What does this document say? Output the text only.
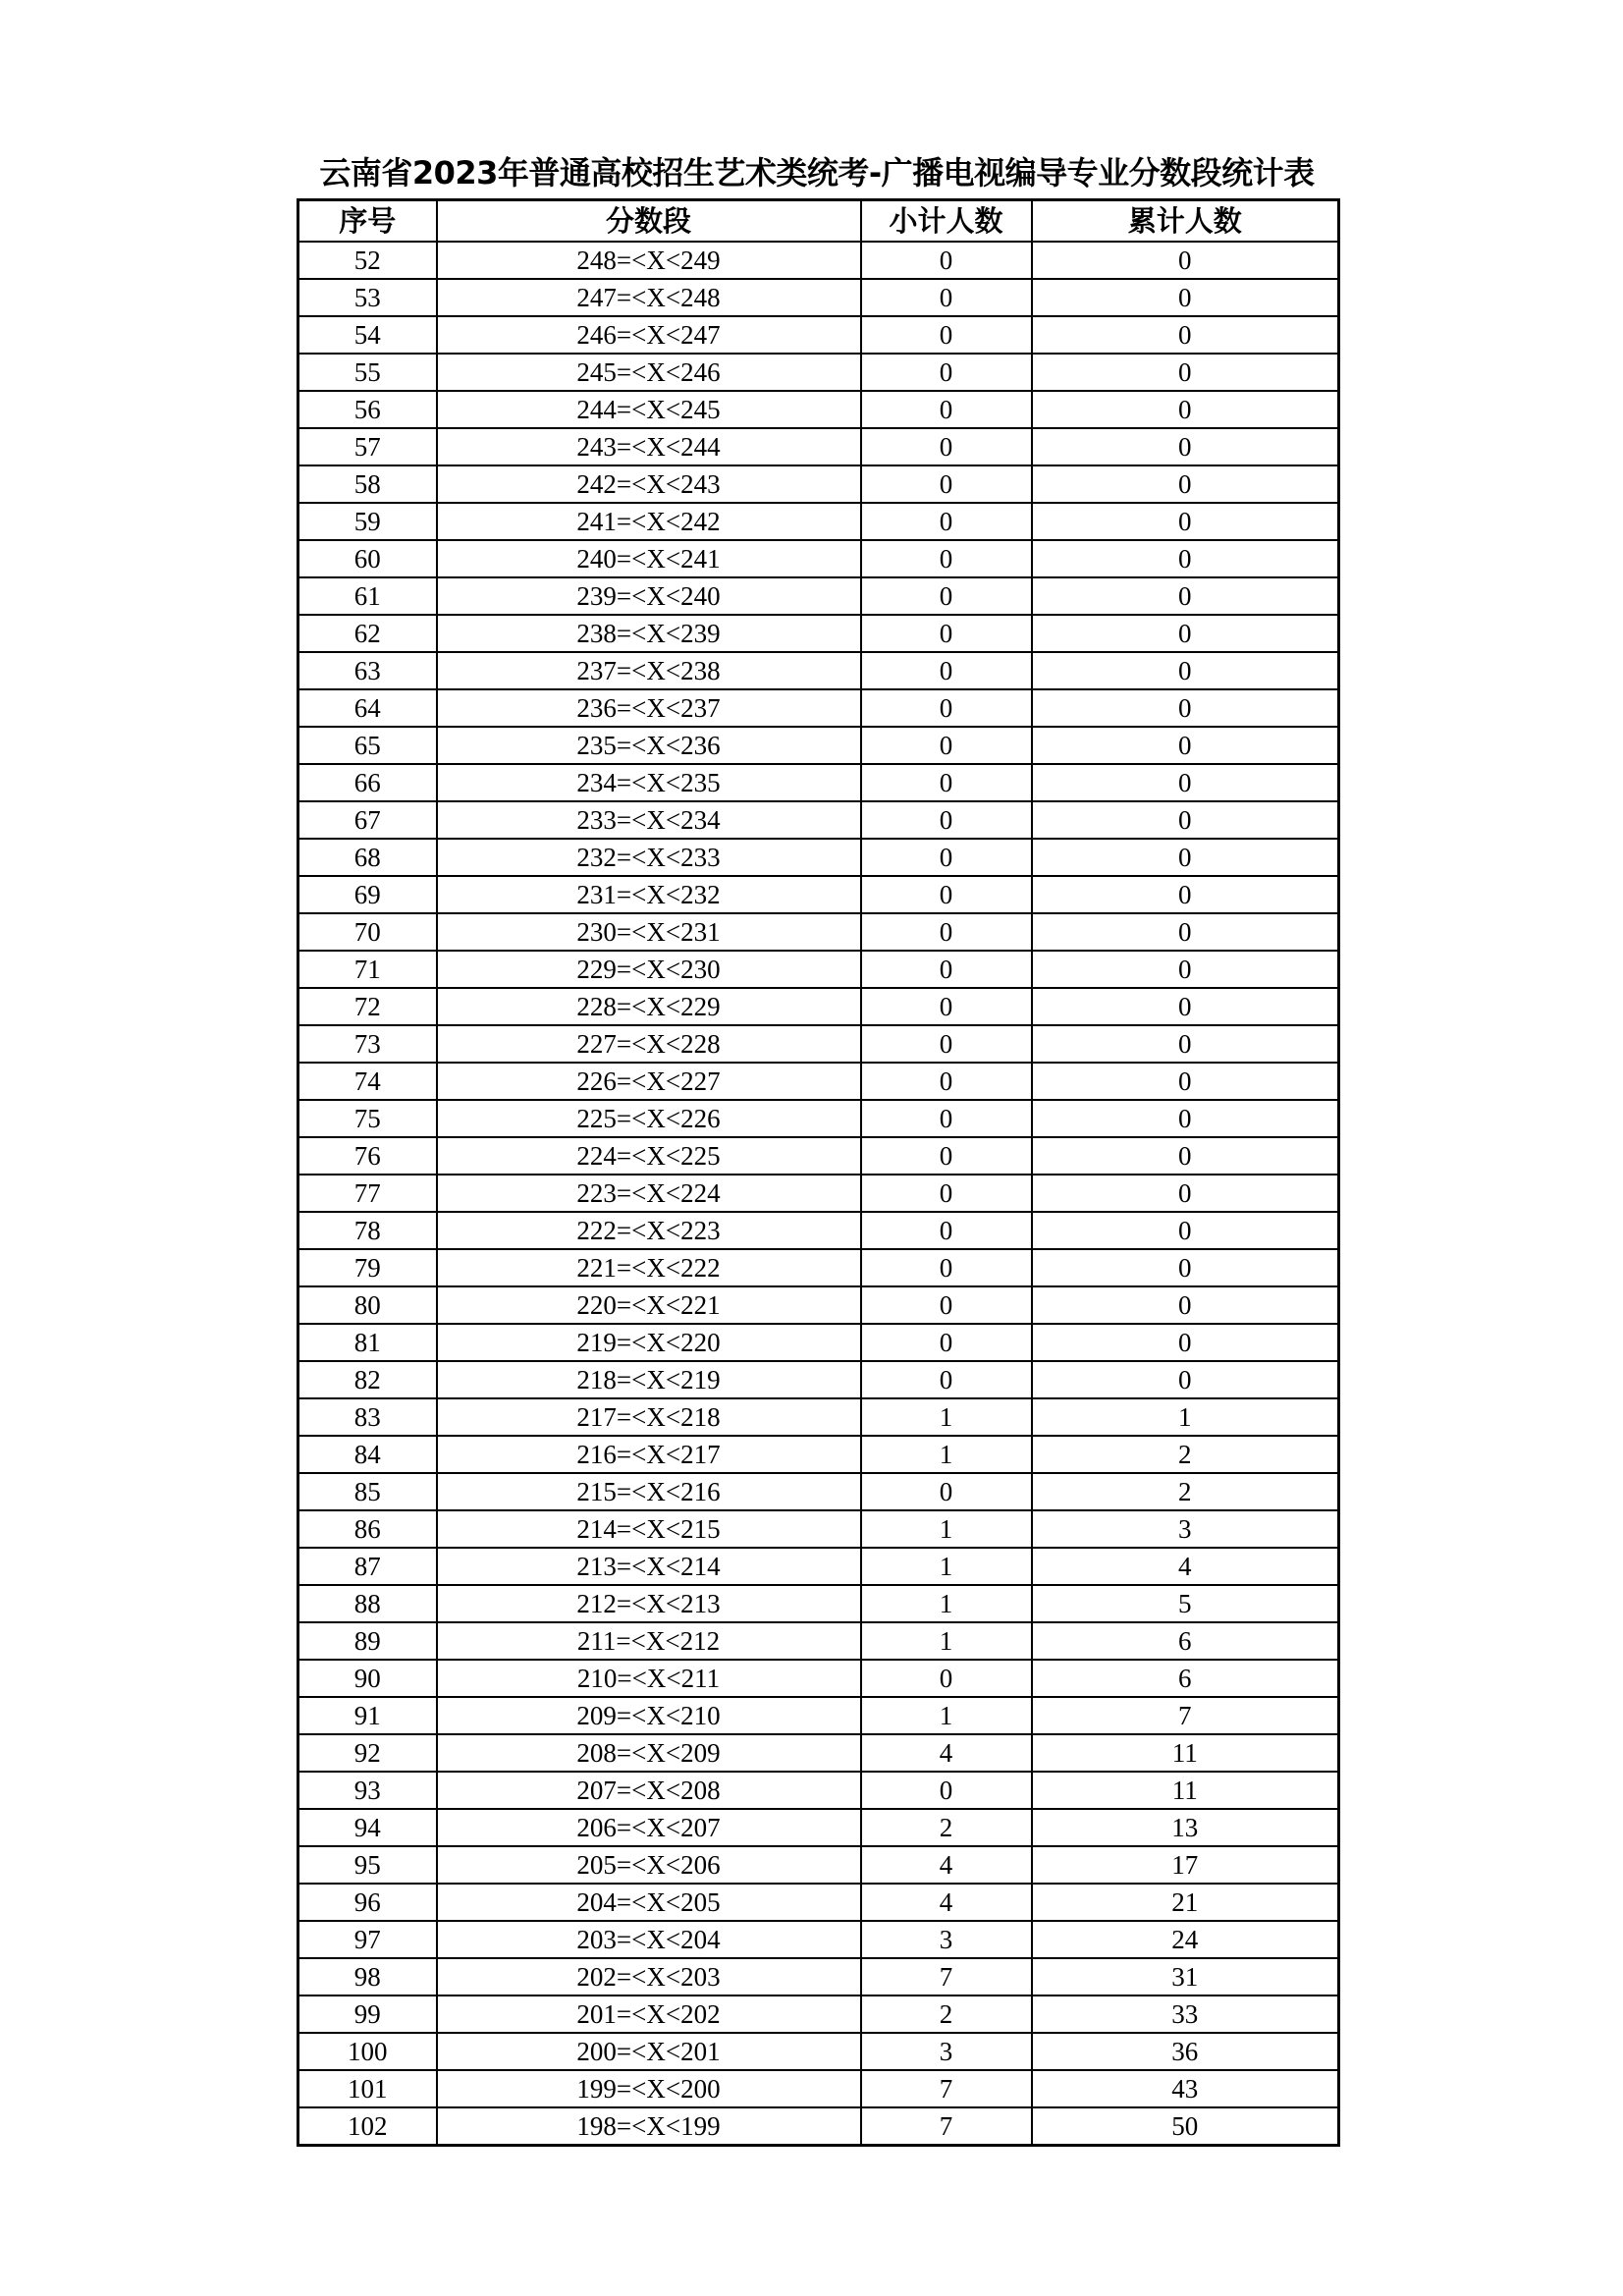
云南省2023年普通高校招生艺术类统考-广播电视编导专业分数段统计表
序号	分数段	小计人数	累计人数
52	248=<X<249	0	0
53	247=<X<248	0	0
54	246=<X<247	0	0
55	245=<X<246	0	0
56	244=<X<245	0	0
57	243=<X<244	0	0
58	242=<X<243	0	0
59	241=<X<242	0	0
60	240=<X<241	0	0
61	239=<X<240	0	0
62	238=<X<239	0	0
63	237=<X<238	0	0
64	236=<X<237	0	0
65	235=<X<236	0	0
66	234=<X<235	0	0
67	233=<X<234	0	0
68	232=<X<233	0	0
69	231=<X<232	0	0
70	230=<X<231	0	0
71	229=<X<230	0	0
72	228=<X<229	0	0
73	227=<X<228	0	0
74	226=<X<227	0	0
75	225=<X<226	0	0
76	224=<X<225	0	0
77	223=<X<224	0	0
78	222=<X<223	0	0
79	221=<X<222	0	0
80	220=<X<221	0	0
81	219=<X<220	0	0
82	218=<X<219	0	0
83	217=<X<218	1	1
84	216=<X<217	1	2
85	215=<X<216	0	2
86	214=<X<215	1	3
87	213=<X<214	1	4
88	212=<X<213	1	5
89	211=<X<212	1	6
90	210=<X<211	0	6
91	209=<X<210	1	7
92	208=<X<209	4	11
93	207=<X<208	0	11
94	206=<X<207	2	13
95	205=<X<206	4	17
96	204=<X<205	4	21
97	203=<X<204	3	24
98	202=<X<203	7	31
99	201=<X<202	2	33
100	200=<X<201	3	36
101	199=<X<200	7	43
102	198=<X<199	7	50
